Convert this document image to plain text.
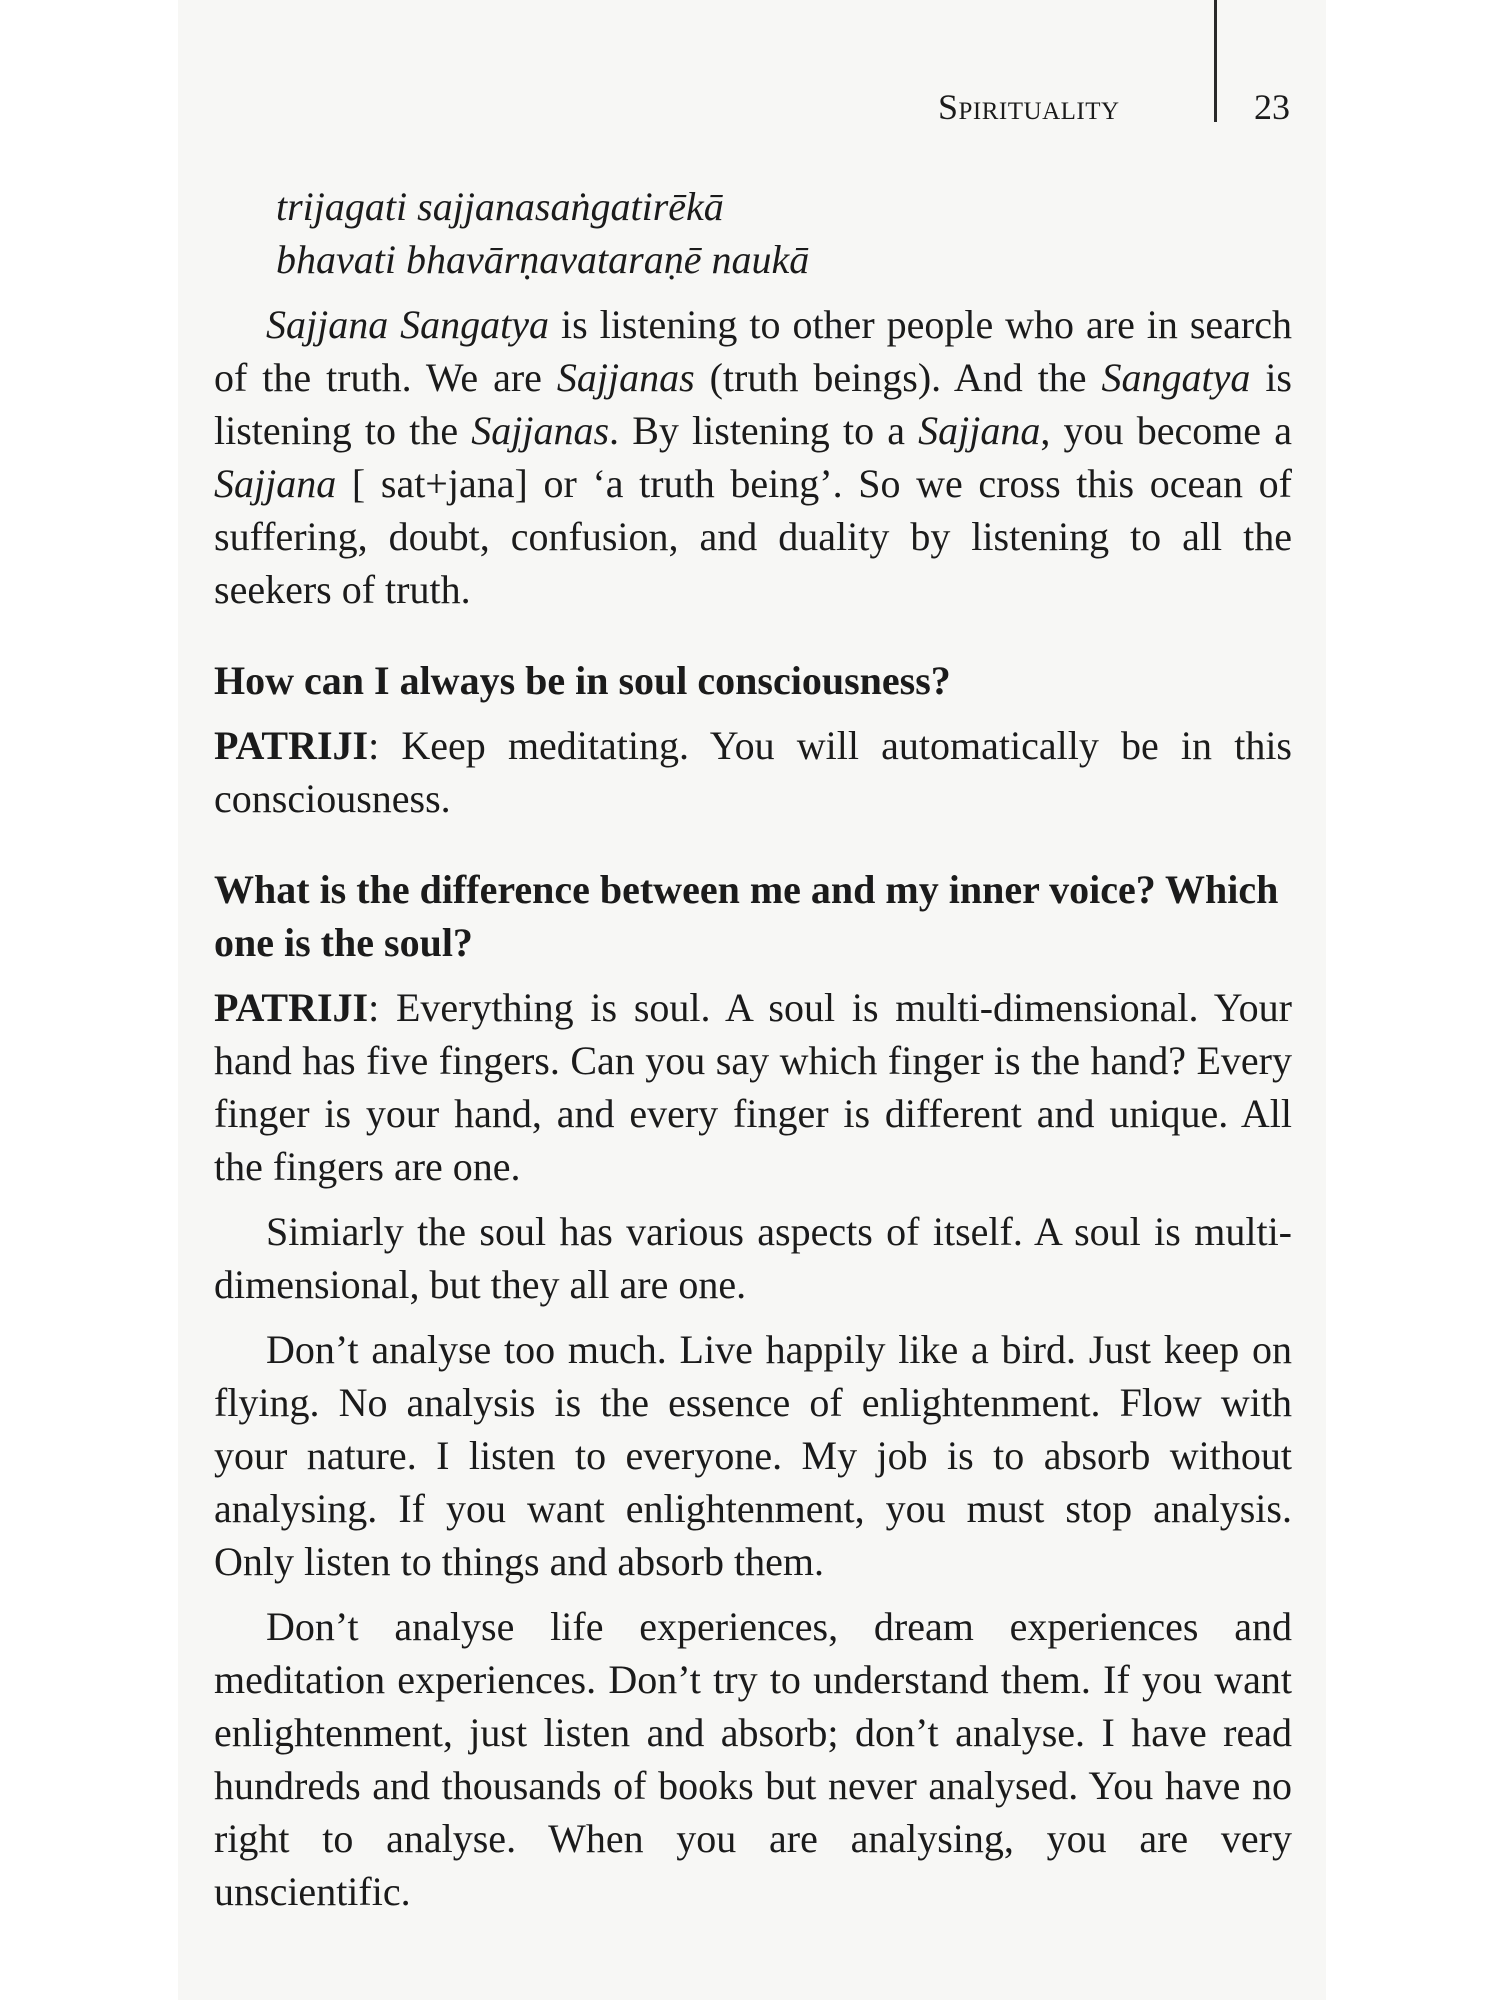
Spirituality	23

trijagati sajjanasaṅgatirēkā

bhavati bhavārṇavataraṇē naukā

Sajjana Sangatya is listening to other people who are in search of the truth. We are Sajjanas (truth beings). And the Sangatya is listening to the Sajjanas. By listening to a Sajjana, you become a Sajjana [ sat+jana] or ‘a truth being’. So we cross this ocean of suffering, doubt, confusion, and duality by listening to all the seekers of truth.

How can I always be in soul consciousness?

PATRIJI: Keep meditating. You will automatically be in this consciousness.

What is the difference between me and my inner voice? Which one is the soul?

PATRIJI: Everything is soul. A soul is multi-dimensional. Your hand has five fingers. Can you say which finger is the hand? Every finger is your hand, and every finger is different and unique. All the fingers are one.

Simiarly the soul has various aspects of itself. A soul is multi-dimensional, but they all are one.

Don’t analyse too much. Live happily like a bird. Just keep on flying. No analysis is the essence of enlightenment. Flow with your nature. I listen to everyone. My job is to absorb without analysing. If you want enlightenment, you must stop analysis. Only listen to things and absorb them.

Don’t analyse life experiences, dream experiences and meditation experiences. Don’t try to understand them. If you want enlightenment, just listen and absorb; don’t analyse. I have read hundreds and thousands of books but never analysed. You have no right to analyse. When you are analysing, you are very unscientific.
